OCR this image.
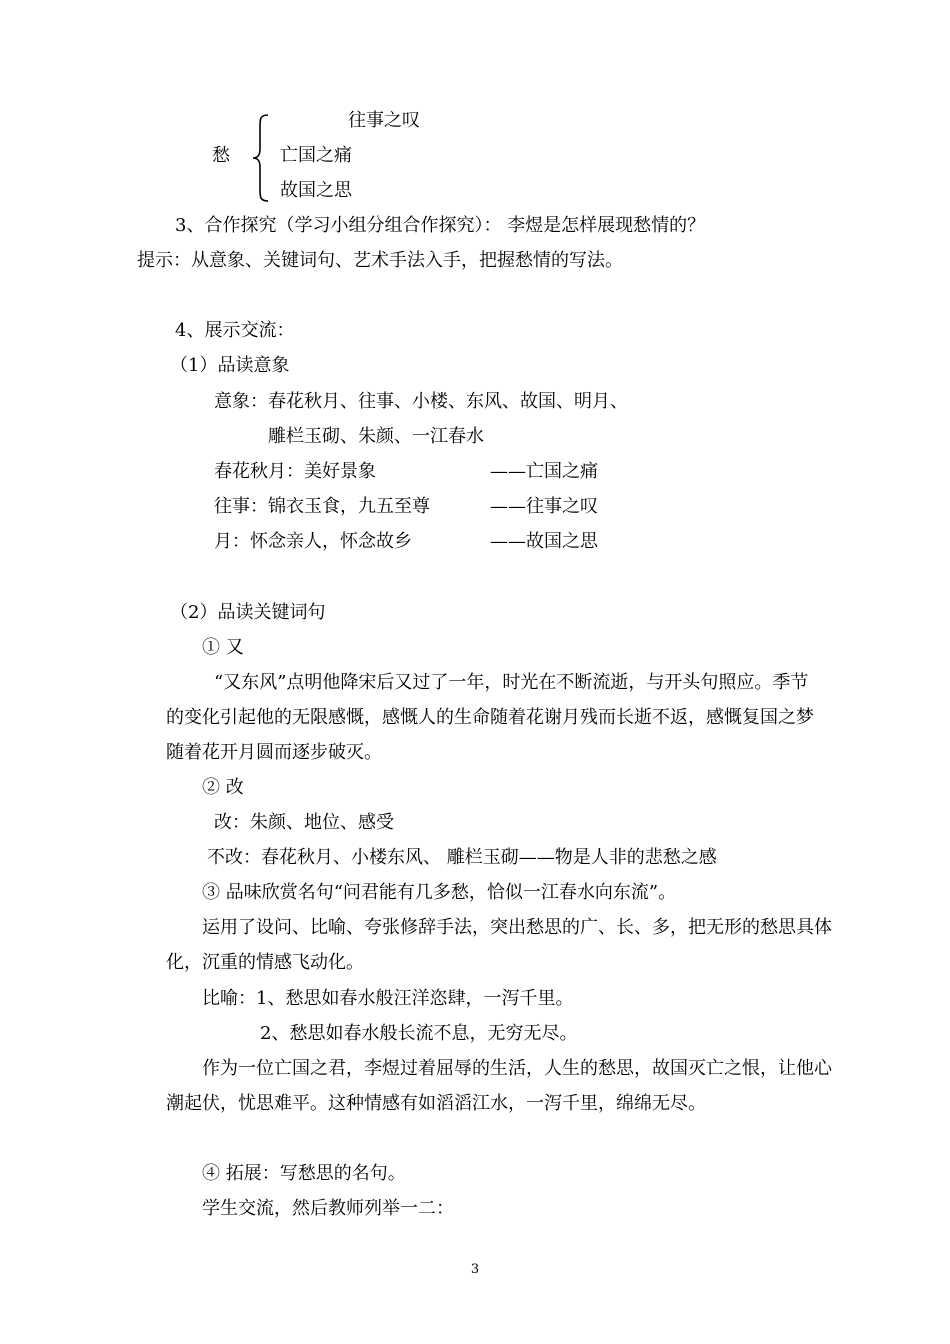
往事之叹
愁	亡国之痛
故国之思
3、合作探究（学习小组分组合作探究）： 李煜是怎样展现愁情的？
提示：从意象、关键词句、艺术手法入手，把握愁情的写法。
4、展示交流：
（1）品读意象
意象：春花秋月、往事、小楼、东风、故国、明月、
雕栏玉砌、朱颜、一江春水
春花秋月：美好景象	——亡国之痛
往事：锦衣玉食，九五至尊	——往事之叹
月：怀念亲人，怀念故乡	——故国之思
（2）品读关键词句
① 又
“又东风”点明他降宋后又过了一年，时光在不断流逝，与开头句照应。季节
的变化引起他的无限感慨，感慨人的生命随着花谢月残而长逝不返，感慨复国之梦
随着花开月圆而逐步破灭。
② 改
改：朱颜、地位、感受
不改：春花秋月、小楼东风、 雕栏玉砌——物是人非的悲愁之感
③ 品味欣赏名句“问君能有几多愁，恰似一江春水向东流”。
运用了设问、比喻、夸张修辞手法，突出愁思的广、长、多，把无形的愁思具体
化，沉重的情感飞动化。
比喻：1、愁思如春水般汪洋恣肆，一泻千里。
2、愁思如春水般长流不息，无穷无尽。
作为一位亡国之君，李煜过着屈辱的生活，人生的愁思，故国灭亡之恨，让他心
潮起伏，忧思难平。这种情感有如滔滔江水，一泻千里，绵绵无尽。
④ 拓展：写愁思的名句。
学生交流，然后教师列举一二：
3
